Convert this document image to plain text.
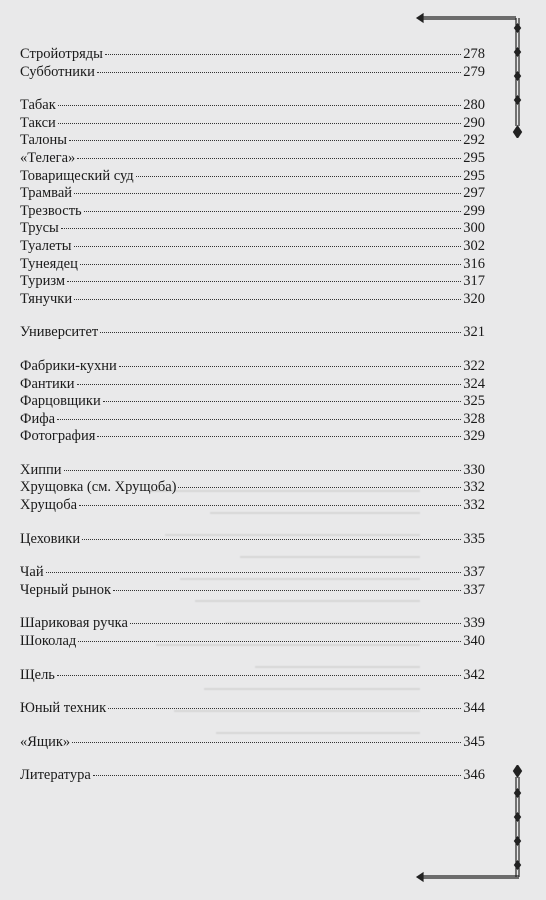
Стройотряды	278
Субботники	279
Табак	280
Такси	290
Талоны	292
«Телега»	295
Товарищеский суд	295
Трамвай	297
Трезвость	299
Трусы	300
Туалеты	302
Тунеядец	316
Туризм	317
Тянучки	320
Университет	321
Фабрики-кухни	322
Фантики	324
Фарцовщики	325
Фифа	328
Фотография	329
Хиппи	330
Хрущовка (см. Хрущоба)	332
Хрущоба	332
Цеховики	335
Чай	337
Черный рынок	337
Шариковая ручка	339
Шоколад	340
Щель	342
Юный техник	344
«Ящик»	345
Литература	346
